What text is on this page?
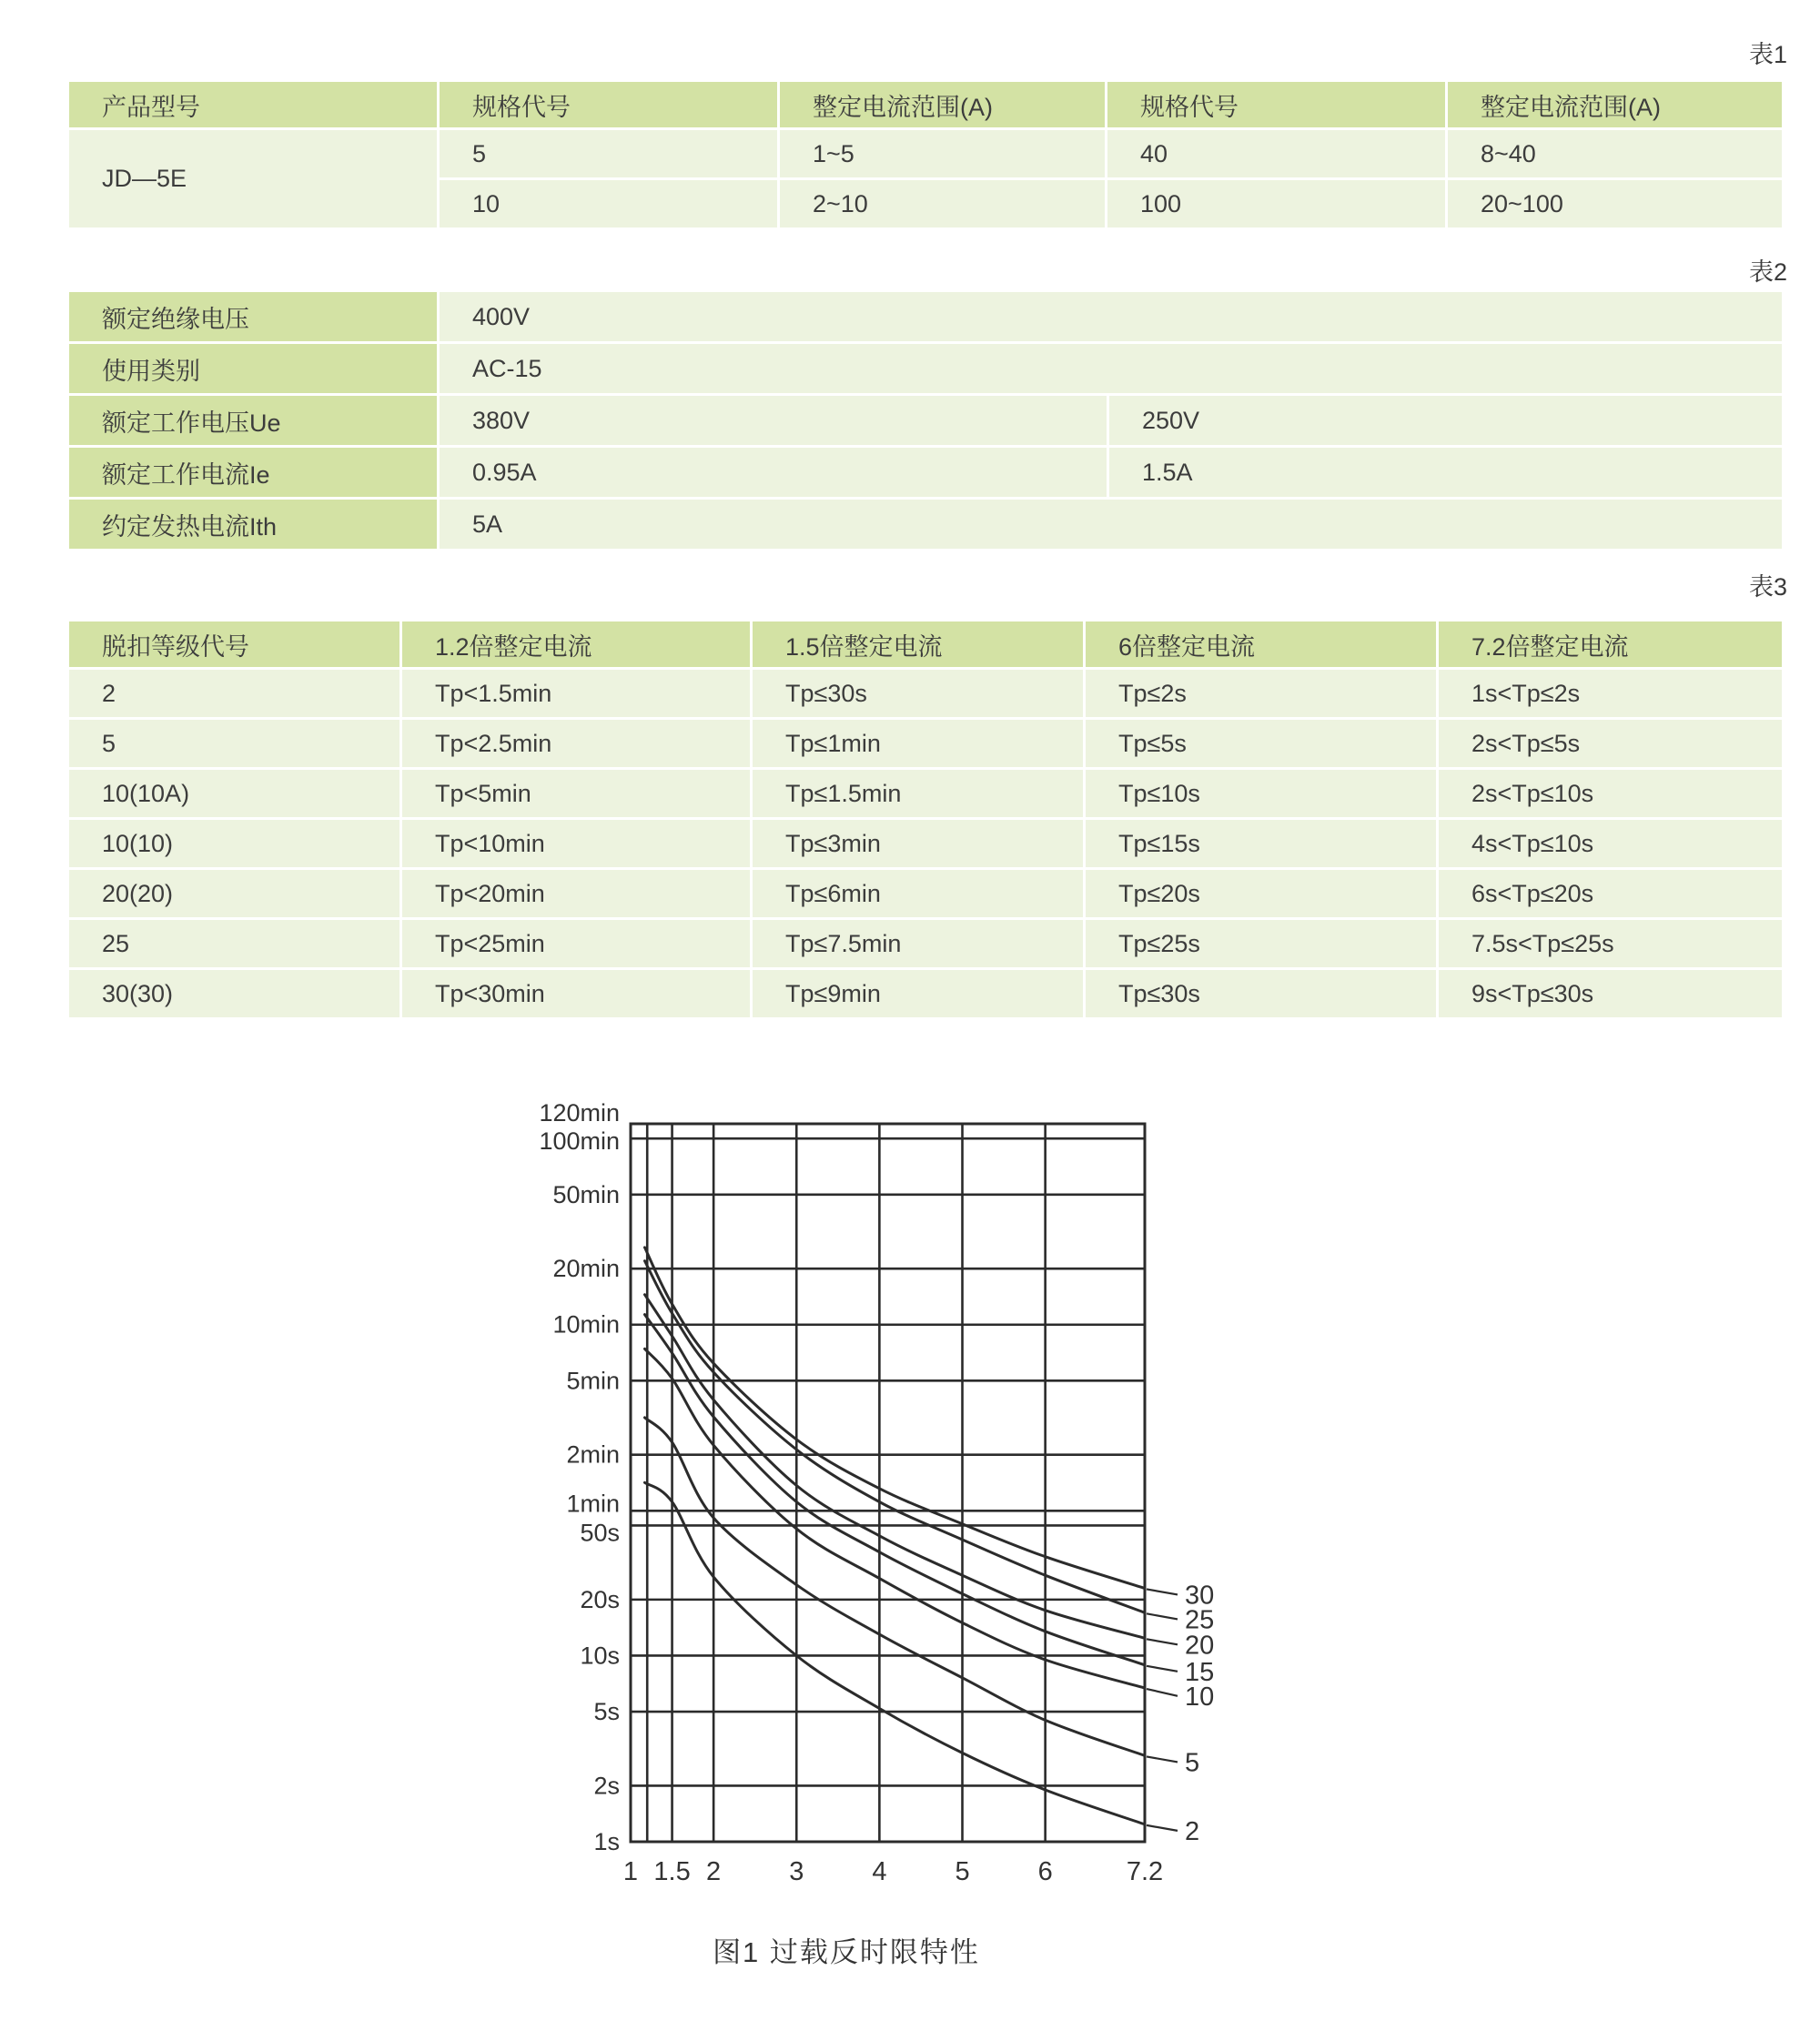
表1
产品型号	规格代号	整定电流范围(A)	规格代号	整定电流范围(A)
JD—5E	5	1~5	40	8~40
	10	2~10	100	20~100
表2
额定绝缘电压	400V	
使用类别	AC-15	
额定工作电压Ue	380V	250V
额定工作电流Ie	0.95A	1.5A
约定发热电流Ith	5A	
表3
脱扣等级代号	1.2倍整定电流	1.5倍整定电流	6倍整定电流	7.2倍整定电流
2	Tp<1.5min	Tp≤30s	Tp≤2s	1s<Tp≤2s
5	Tp<2.5min	Tp≤1min	Tp≤5s	2s<Tp≤5s
10(10A)	Tp<5min	Tp≤1.5min	Tp≤10s	2s<Tp≤10s
10(10)	Tp<10min	Tp≤3min	Tp≤15s	4s<Tp≤10s
20(20)	Tp<20min	Tp≤6min	Tp≤20s	6s<Tp≤20s
25	Tp<25min	Tp≤7.5min	Tp≤25s	7.5s<Tp≤25s
30(30)	Tp<30min	Tp≤9min	Tp≤30s	9s<Tp≤30s
120min
100min
50min
20min
10min
5min
2min
1min
50s
20s
10s
5s
2s
1s
1 1.5 2	3	4	5	6	7.2
30
25
20
15
10
5
2
图1 过载反时限特性
